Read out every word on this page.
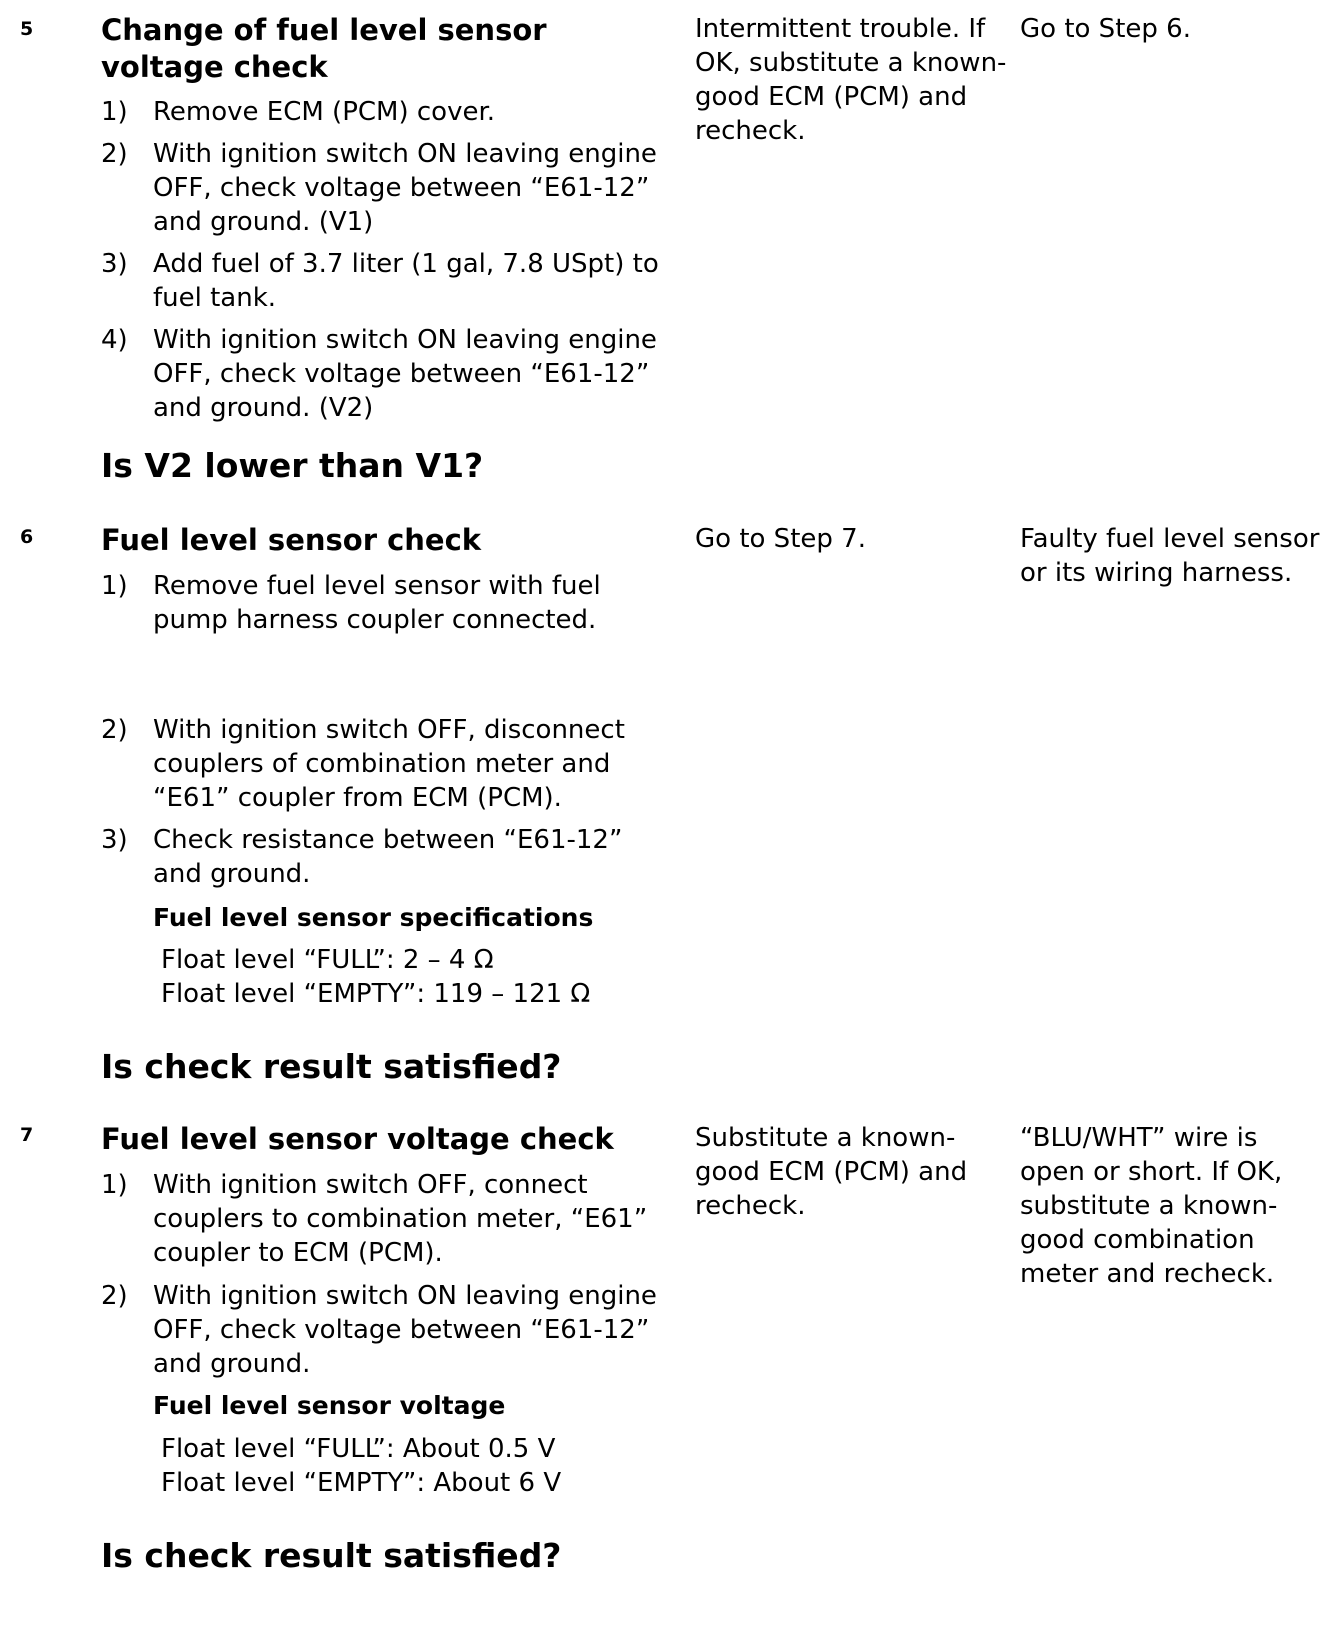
5 Change of fuel level sensor voltage check
1) Remove ECM (PCM) cover.
2) With ignition switch ON leaving engine OFF, check voltage between “E61-12” and ground. (V1)
3) Add fuel of 3.7 liter (1 gal, 7.8 USpt) to fuel tank.
4) With ignition switch ON leaving engine OFF, check voltage between “E61-12” and ground. (V2)
Is V2 lower than V1?
Intermittent trouble. If OK, substitute a known-good ECM (PCM) and recheck.
Go to Step 6.
6 Fuel level sensor check
1) Remove fuel level sensor with fuel pump harness coupler connected.
2) With ignition switch OFF, disconnect couplers of combination meter and “E61” coupler from ECM (PCM).
3) Check resistance between “E61-12” and ground.
Fuel level sensor specifications
Float level “FULL”: 2 – 4 Ω
Float level “EMPTY”: 119 – 121 Ω
Is check result satisfied?
Go to Step 7.	Faulty fuel level sensor or its wiring harness.
7 Fuel level sensor voltage check
1) With ignition switch OFF, connect couplers to combination meter, “E61” coupler to ECM (PCM).
2) With ignition switch ON leaving engine OFF, check voltage between “E61-12” and ground.
Fuel level sensor voltage
Float level “FULL”: About 0.5 V
Float level “EMPTY”: About 6 V
Is check result satisfied?
Substitute a known-good ECM (PCM) and recheck.
“BLU/WHT” wire is open or short. If OK, substitute a known-good combination meter and recheck.
